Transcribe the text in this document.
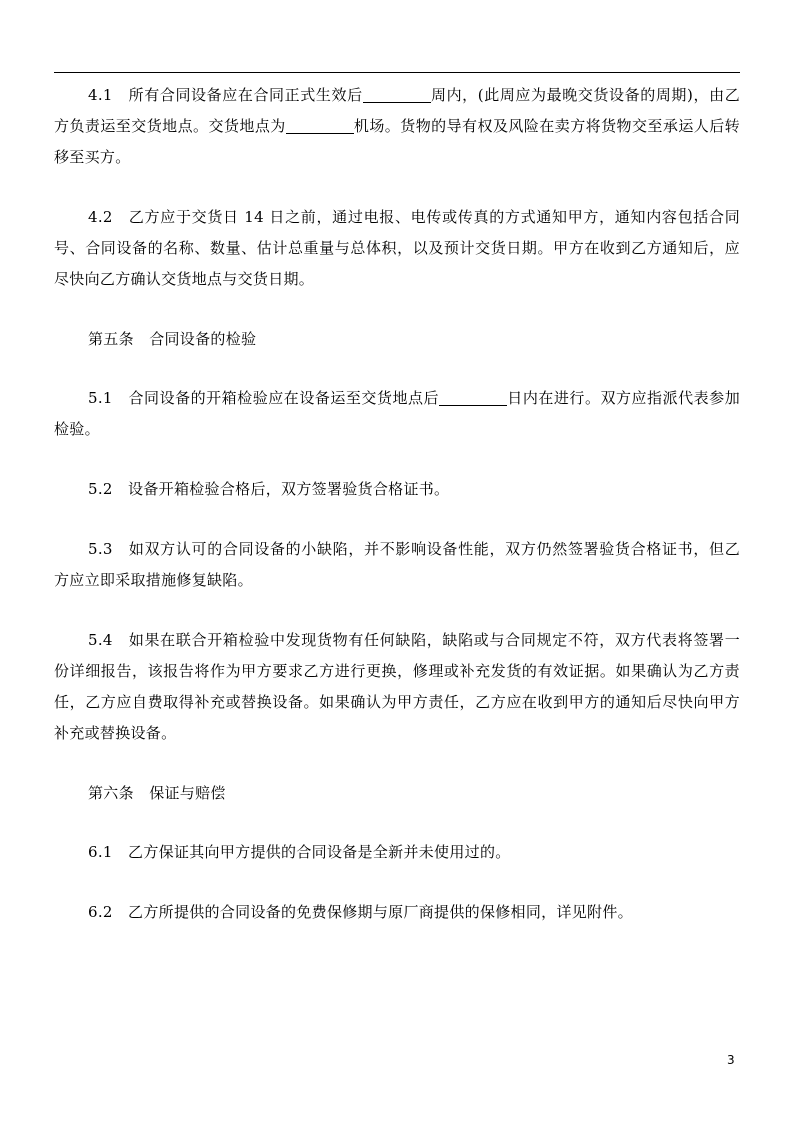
4.1　所有合同设备应在合同正式生效后	周内，(此周应为最晚交货设备的周期)，由乙方负责运至交货地点。交货地点为	机场。货物的导有权及风险在卖方将货物交至承运人后转移至买方。

4.2　乙方应于交货日 14 日之前，通过电报、电传或传真的方式通知甲方，通知内容包括合同号、合同设备的名称、数量、估计总重量与总体积，以及预计交货日期。甲方在收到乙方通知后，应尽快向乙方确认交货地点与交货日期。

第五条　合同设备的检验

5.1　合同设备的开箱检验应在设备运至交货地点后	日内在进行。双方应指派代表参加检验。

5.2　设备开箱检验合格后，双方签署验货合格证书。

5.3　如双方认可的合同设备的小缺陷，并不影响设备性能，双方仍然签署验货合格证书，但乙方应立即采取措施修复缺陷。

5.4　如果在联合开箱检验中发现货物有任何缺陷，缺陷或与合同规定不符，双方代表将签署一份详细报告，该报告将作为甲方要求乙方进行更换，修理或补充发货的有效证据。如果确认为乙方责任，乙方应自费取得补充或替换设备。如果确认为甲方责任，乙方应在收到甲方的通知后尽快向甲方补充或替换设备。

第六条　保证与赔偿

6.1　乙方保证其向甲方提供的合同设备是全新并未使用过的。

6.2　乙方所提供的合同设备的免费保修期与原厂商提供的保修相同，详见附件。

3
